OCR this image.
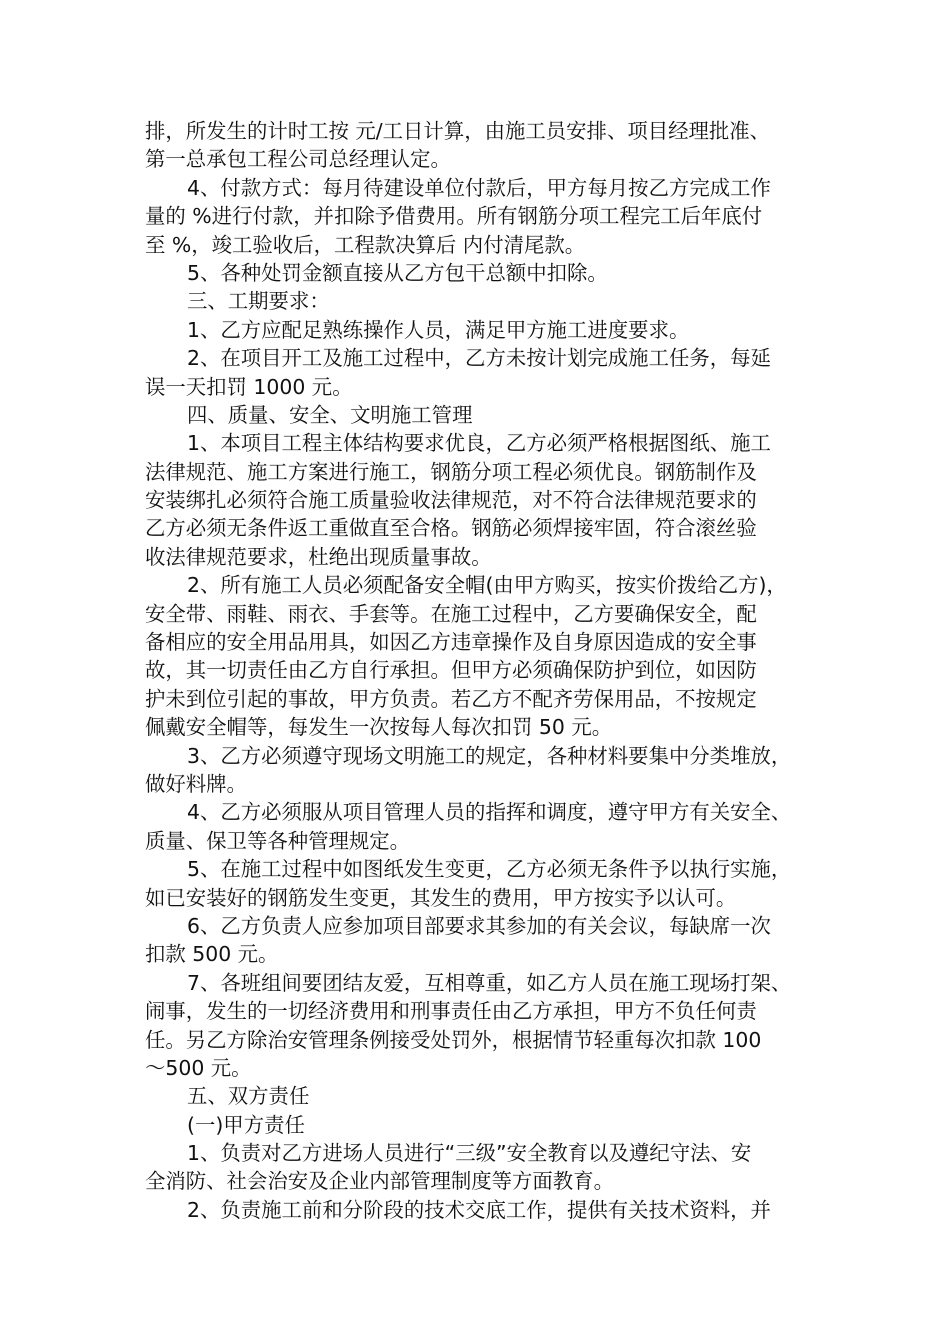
排，所发生的计时工按 元/工日计算，由施工员安排、项目经理批准、
第一总承包工程公司总经理认定。
4、付款方式：每月待建设单位付款后，甲方每月按乙方完成工作
量的 %进行付款，并扣除予借费用。所有钢筋分项工程完工后年底付
至 %，竣工验收后，工程款决算后 内付清尾款。
5、各种处罚金额直接从乙方包干总额中扣除。
三、工期要求：
1、乙方应配足熟练操作人员，满足甲方施工进度要求。
2、在项目开工及施工过程中，乙方未按计划完成施工任务，每延
误一天扣罚 1000 元。
四、质量、安全、文明施工管理
1、本项目工程主体结构要求优良，乙方必须严格根据图纸、施工
法律规范、施工方案进行施工，钢筋分项工程必须优良。钢筋制作及
安装绑扎必须符合施工质量验收法律规范，对不符合法律规范要求的
乙方必须无条件返工重做直至合格。钢筋必须焊接牢固，符合滚丝验
收法律规范要求，杜绝出现质量事故。
2、所有施工人员必须配备安全帽(由甲方购买，按实价拨给乙方)，
安全带、雨鞋、雨衣、手套等。在施工过程中，乙方要确保安全，配
备相应的安全用品用具，如因乙方违章操作及自身原因造成的安全事
故，其一切责任由乙方自行承担。但甲方必须确保防护到位，如因防
护未到位引起的事故，甲方负责。若乙方不配齐劳保用品，不按规定
佩戴安全帽等，每发生一次按每人每次扣罚 50 元。
3、乙方必须遵守现场文明施工的规定，各种材料要集中分类堆放，
做好料牌。
4、乙方必须服从项目管理人员的指挥和调度，遵守甲方有关安全、
质量、保卫等各种管理规定。
5、在施工过程中如图纸发生变更，乙方必须无条件予以执行实施，
如已安装好的钢筋发生变更，其发生的费用，甲方按实予以认可。
6、乙方负责人应参加项目部要求其参加的有关会议，每缺席一次
扣款 500 元。
7、各班组间要团结友爱，互相尊重，如乙方人员在施工现场打架、
闹事，发生的一切经济费用和刑事责任由乙方承担，甲方不负任何责
任。另乙方除治安管理条例接受处罚外，根据情节轻重每次扣款 100
～500 元。
五、双方责任
(一)甲方责任
1、负责对乙方进场人员进行“三级”安全教育以及遵纪守法、安
全消防、社会治安及企业内部管理制度等方面教育。
2、负责施工前和分阶段的技术交底工作，提供有关技术资料，并
